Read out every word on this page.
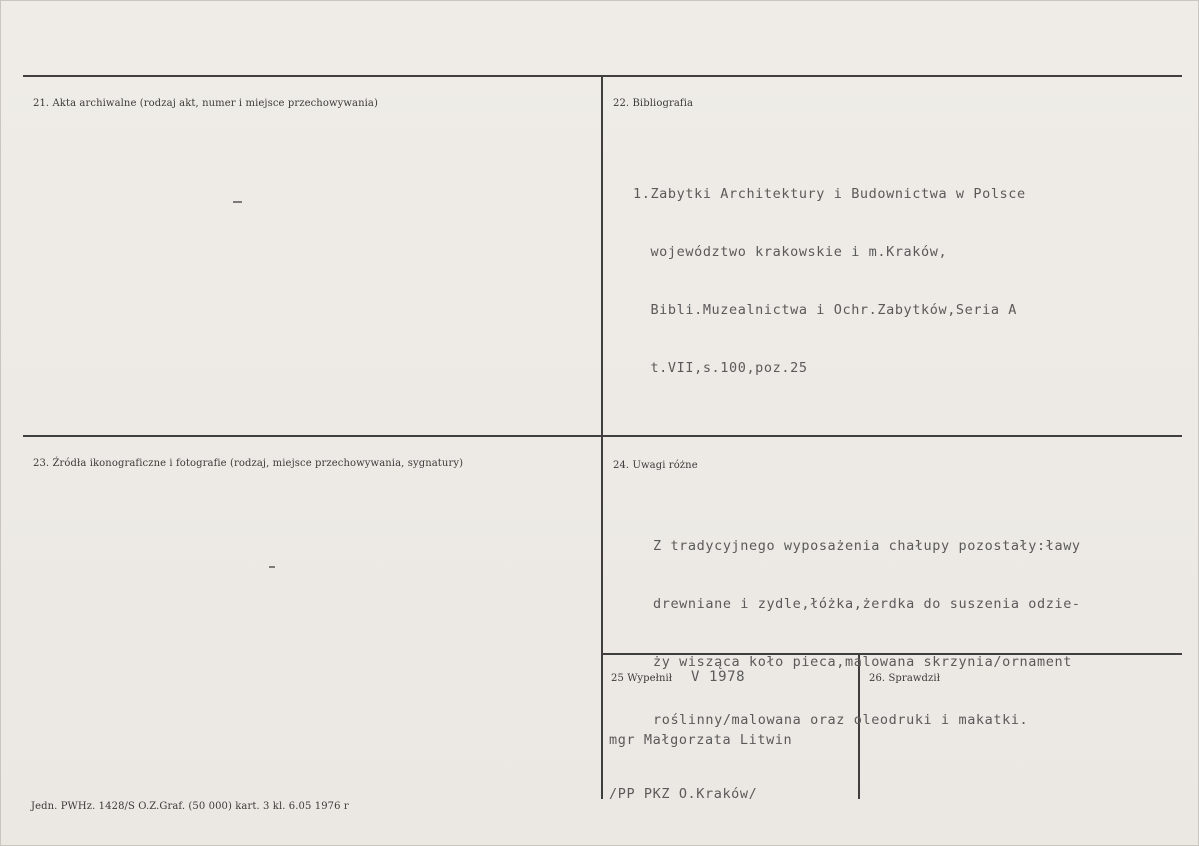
21. Akta archiwalne (rodzaj akt, numer i miejsce przechowywania)	22. Bibliografia

1.Zabytki Architektury i Budownictwa w Polsce

województwo krakowskie i m.Kraków,

Bibli.Muzealnictwa i Ochr.Zabytków,Seria A

t.VII,s.100,poz.25

23. Źródła ikonograficzne i fotografie (rodzaj, miejsce przechowywania, sygnatury)	24. Uwagi różne

Z tradycyjnego wyposażenia chałupy pozostały:ławy

drewniane i zydle,łóżka,żerdka do suszenia odzie-

ży wisząca koło pieca,malowana skrzynia/ornament

roślinny/malowana oraz oleodruki i makatki.

25 Wypełnił V 1978

mgr Małgorzata Litwin

/PP PKZ O.Kraków/

26. Sprawdził
Jedn. PWHz. 1428/S O.Z.Graf. (50 000) kart. 3 kl. 6.05 1976 r
